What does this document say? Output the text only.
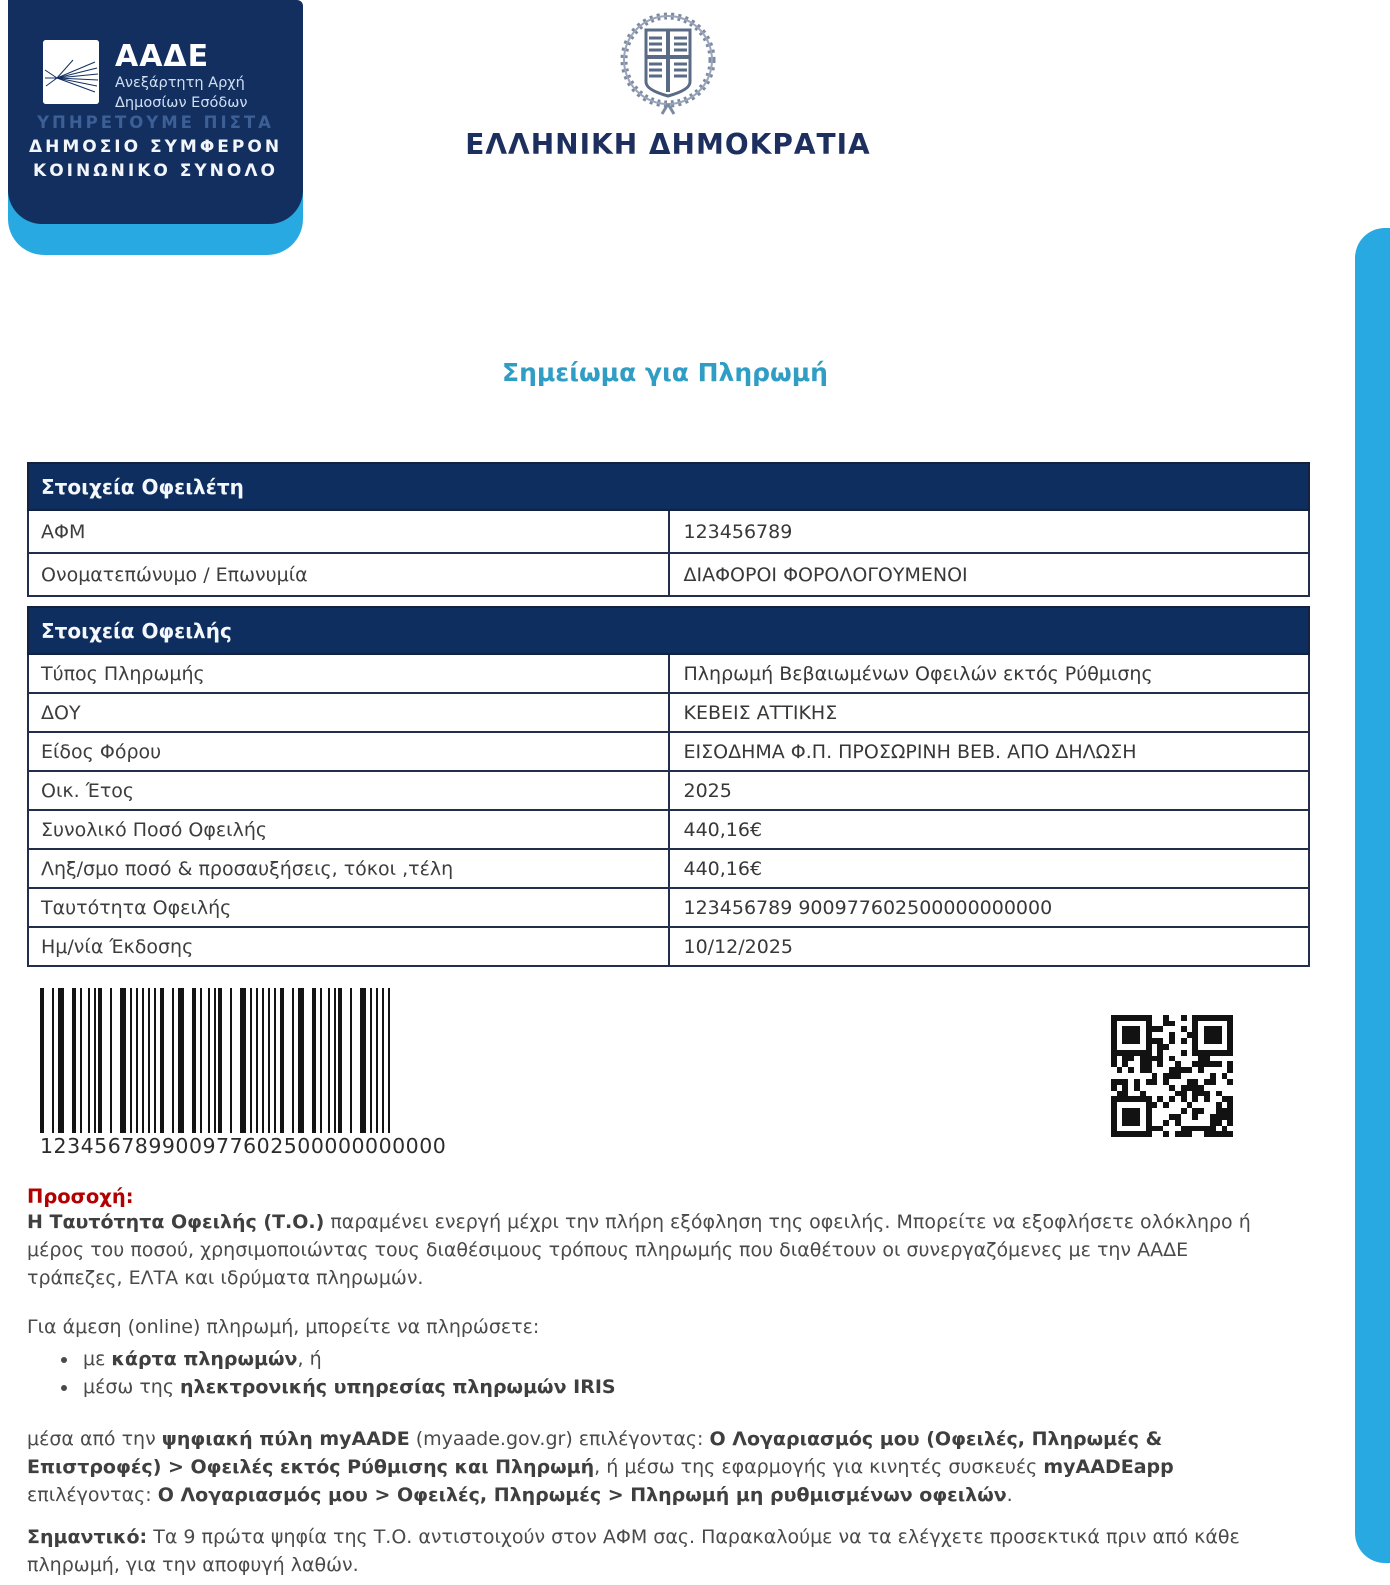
ΑΑΔΕ
Ανεξάρτητη Αρχή
Δημοσίων Εσόδων
ΥΠΗΡΕΤΟΥΜΕ ΠΙΣΤΑ
ΔΗΜΟΣΙΟ ΣΥΜΦΕΡΟΝ
ΚΟΙΝΩΝΙΚΟ ΣΥΝΟΛΟ
ΕΛΛΗΝΙΚΗ ΔΗΜΟΚΡΑΤΙΑ
Σημείωμα για Πληρωμή
Στοιχεία Οφειλέτη	
ΑΦΜ	123456789
Ονοματεπώνυμο / Επωνυμία	ΔΙΑΦΟΡΟΙ ΦΟΡΟΛΟΓΟΥΜΕΝΟΙ
Στοιχεία Οφειλής	
Τύπος Πληρωμής	Πληρωμή Βεβαιωμένων Οφειλών εκτός Ρύθμισης
ΔΟΥ	ΚΕΒΕΙΣ ΑΤΤΙΚΗΣ
Είδος Φόρου	ΕΙΣΟΔΗΜΑ Φ.Π. ΠΡΟΣΩΡΙΝΗ ΒΕΒ. ΑΠΟ ΔΗΛΩΣΗ
Οικ. Έτος	2025
Συνολικό Ποσό Οφειλής	440,16€
Ληξ/σμο ποσό & προσαυξήσεις, τόκοι ,τέλη	440,16€
Ταυτότητα Οφειλής	123456789 900977602500000000000
Ημ/νία Έκδοσης	10/12/2025
123456789900977602500000000000
Προσοχή:

Η Ταυτότητα Οφειλής (Τ.Ο.) παραμένει ενεργή μέχρι την πλήρη εξόφληση της οφειλής. Μπορείτε να εξοφλήσετε ολόκληρο ή μέρος του ποσού, χρησιμοποιώντας τους διαθέσιμους τρόπους πληρωμής που διαθέτουν οι συνεργαζόμενες με την ΑΑΔΕ τράπεζες, ΕΛΤΑ και ιδρύματα πληρωμών.

Για άμεση (online) πληρωμή, μπορείτε να πληρώσετε:

• με κάρτα πληρωμών, ή
• μέσω της ηλεκτρονικής υπηρεσίας πληρωμών IRIS

μέσα από την ψηφιακή πύλη myAADE (myaade.gov.gr) επιλέγοντας: Ο Λογαριασμός μου (Οφειλές, Πληρωμές & Επιστροφές) > Οφειλές εκτός Ρύθμισης και Πληρωμή, ή μέσω της εφαρμογής για κινητές συσκευές myAADEapp επιλέγοντας: Ο Λογαριασμός μου > Οφειλές, Πληρωμές > Πληρωμή μη ρυθμισμένων οφειλών.

Σημαντικό: Τα 9 πρώτα ψηφία της Τ.Ο. αντιστοιχούν στον ΑΦΜ σας. Παρακαλούμε να τα ελέγχετε προσεκτικά πριν από κάθε πληρωμή, για την αποφυγή λαθών.
